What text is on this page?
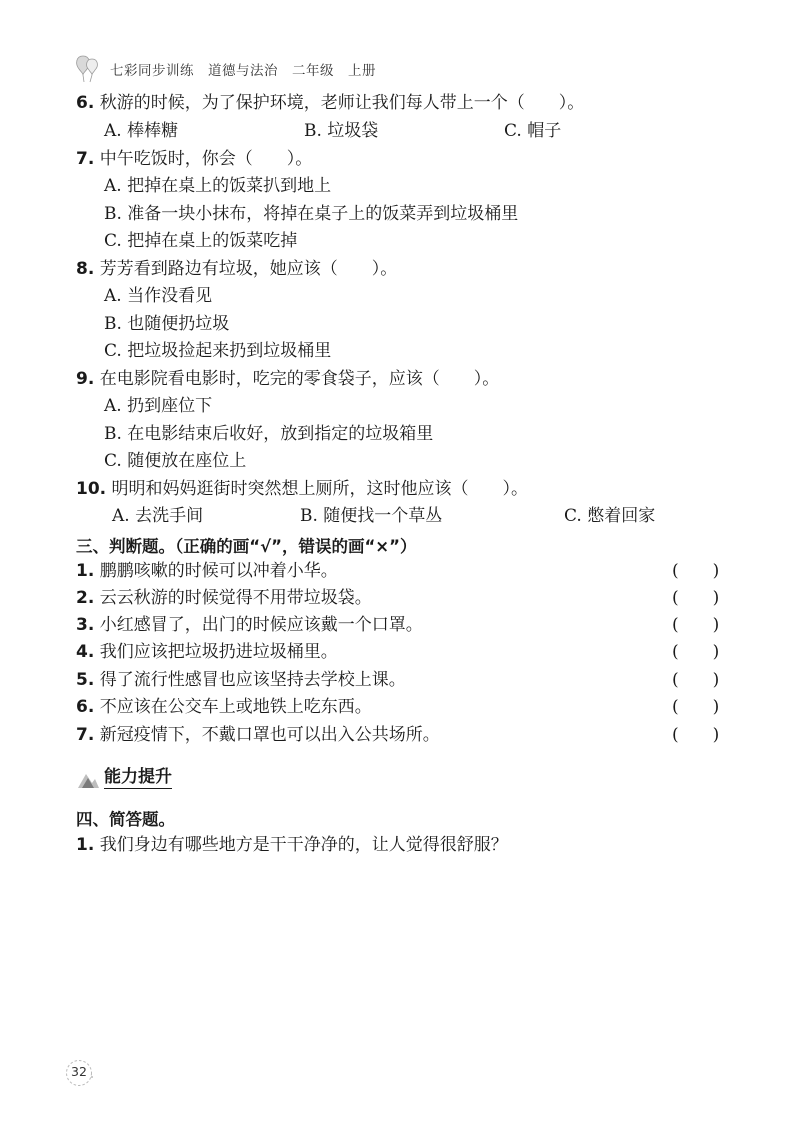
七彩同步训练 道德与法治 二年级 上册
6. 秋游的时候，为了保护环境，老师让我们每人带上一个（　　）。
A. 棒棒糖	B. 垃圾袋	C. 帽子
7. 中午吃饭时，你会（　　）。
A. 把掉在桌上的饭菜扒到地上
B. 准备一块小抹布，将掉在桌子上的饭菜弄到垃圾桶里
C. 把掉在桌上的饭菜吃掉
8. 芳芳看到路边有垃圾，她应该（　　）。
A. 当作没看见
B. 也随便扔垃圾
C. 把垃圾捡起来扔到垃圾桶里
9. 在电影院看电影时，吃完的零食袋子，应该（　　）。
A. 扔到座位下
B. 在电影结束后收好，放到指定的垃圾箱里
C. 随便放在座位上
10. 明明和妈妈逛街时突然想上厕所，这时他应该（　　）。
A. 去洗手间	B. 随便找一个草丛	C. 憋着回家
三、判断题。（正确的画“√”，错误的画“×”）
1. 鹏鹏咳嗽的时候可以冲着小华。	(　　)
2. 云云秋游的时候觉得不用带垃圾袋。	(　　)
3. 小红感冒了，出门的时候应该戴一个口罩。	(　　)
4. 我们应该把垃圾扔进垃圾桶里。	(　　)
5. 得了流行性感冒也应该坚持去学校上课。	(　　)
6. 不应该在公交车上或地铁上吃东西。	(　　)
7. 新冠疫情下，不戴口罩也可以出入公共场所。	(　　)
能力提升
四、简答题。
1. 我们身边有哪些地方是干干净净的，让人觉得很舒服？
32
